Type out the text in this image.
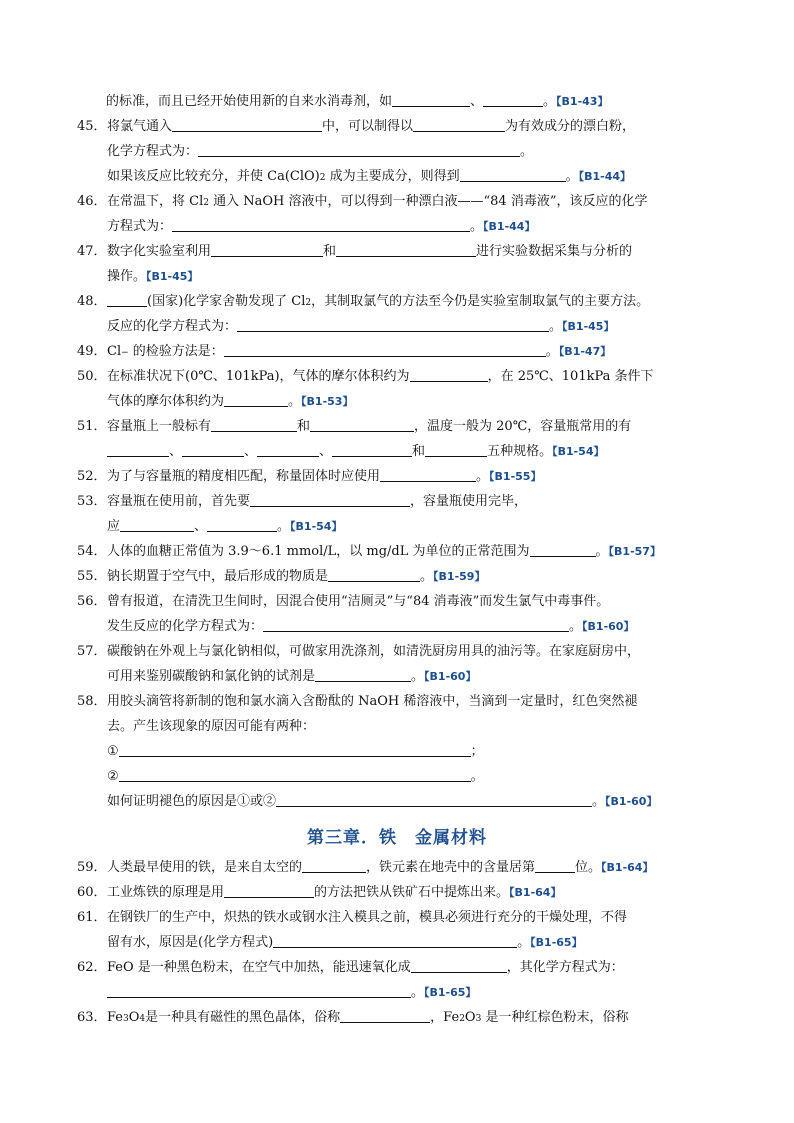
的标准，而且已经开始使用新的自来水消毒剂，如	、	。【B1-43】
45．将氯气通入	中，可以制得以	为有效成分的漂白粉，
化学方程式为：	。
如果该反应比较充分，并使 Ca(ClO)2 成为主要成分，则得到	。【B1-44】
46．在常温下，将 Cl2 通入 NaOH 溶液中，可以得到一种漂白液——“84 消毒液”，该反应的化学
方程式为：	。【B1-44】
47．数字化实验室利用	和	进行实验数据采集与分析的
操作。【B1-45】
48．	(国家)化学家舍勒发现了 Cl2，其制取氯气的方法至今仍是实验室制取氯气的主要方法。
反应的化学方程式为：	。【B1-45】
49．Cl− 的检验方法是：	。【B1-47】
50．在标准状况下(0℃、101kPa)，气体的摩尔体积约为	，在 25℃、101kPa 条件下
气体的摩尔体积约为	。【B1-53】
51．容量瓶上一般标有	和	，温度一般为 20℃，容量瓶常用的有
、	、	、	和	五种规格。【B1-54】
52．为了与容量瓶的精度相匹配，称量固体时应使用	。【B1-55】
53．容量瓶在使用前，首先要	，容量瓶使用完毕，
应	、	。【B1-54】
54．人体的血糖正常值为 3.9～6.1 mmol/L，以 mg/dL 为单位的正常范围为	。【B1-57】
55．钠长期置于空气中，最后形成的物质是	。【B1-59】
56．曾有报道，在清洗卫生间时，因混合使用“洁厕灵”与“84 消毒液”而发生氯气中毒事件。
发生反应的化学方程式为：	。【B1-60】
57．碳酸钠在外观上与氯化钠相似，可做家用洗涤剂，如清洗厨房用具的油污等。在家庭厨房中，
可用来鉴别碳酸钠和氯化钠的试剂是	。【B1-60】
58．用胶头滴管将新制的饱和氯水滴入含酚酞的 NaOH 稀溶液中，当滴到一定量时，红色突然褪
去。产生该现象的原因可能有两种：
①	；
②	。
如何证明褪色的原因是①或②	。【B1-60】
第三章．铁　金属材料
59．人类最早使用的铁，是来自太空的	，铁元素在地壳中的含量居第	位。【B1-64】
60．工业炼铁的原理是用	的方法把铁从铁矿石中提炼出来。【B1-64】
61．在钢铁厂的生产中，炽热的铁水或钢水注入模具之前，模具必须进行充分的干燥处理，不得
留有水，原因是(化学方程式)	。【B1-65】
62．FeO 是一种黑色粉末，在空气中加热，能迅速氧化成	，其化学方程式为：
。【B1-65】
63．Fe3O4是一种具有磁性的黑色晶体，俗称	，Fe2O3 是一种红棕色粉末，俗称
